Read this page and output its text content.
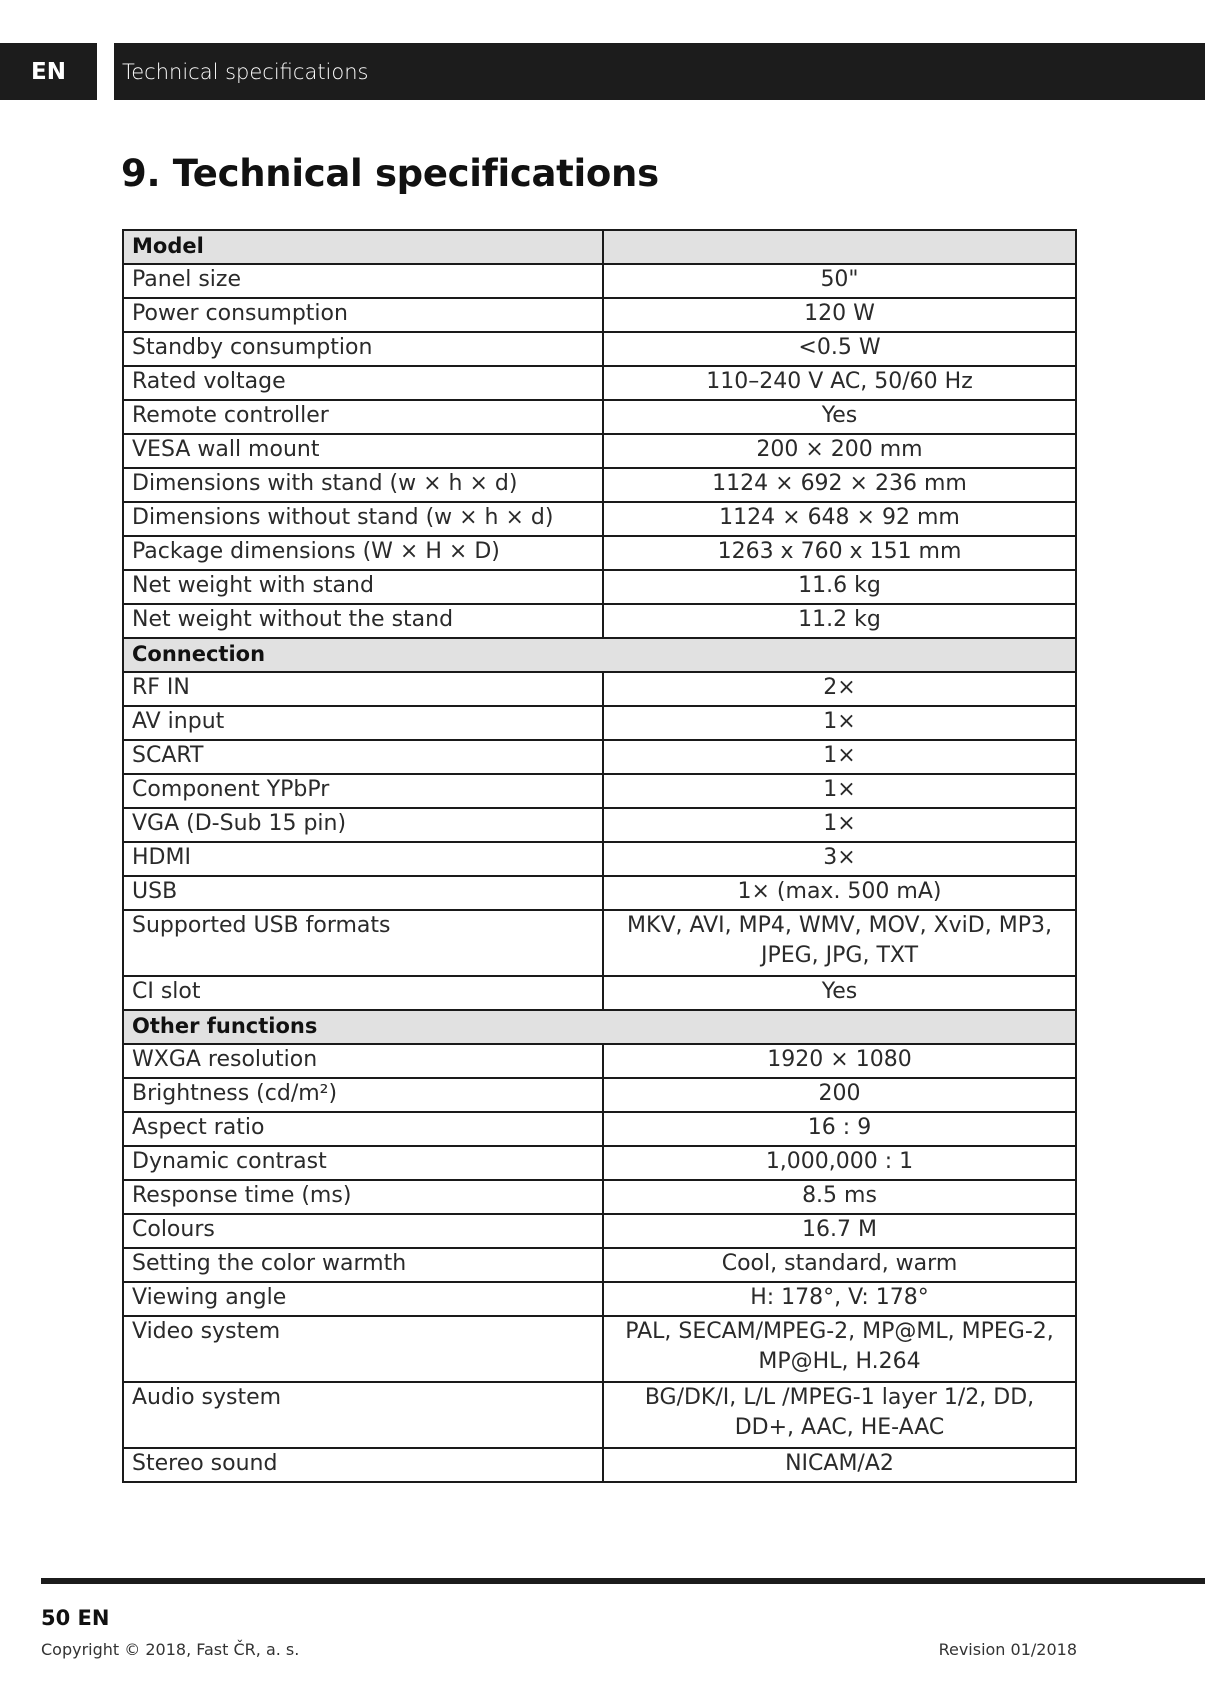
EN	Technical specifications
9. Technical specifications
Model	
Panel size	50"
Power consumption	120 W
Standby consumption	<0.5 W
Rated voltage	110–240 V AC, 50/60 Hz
Remote controller	Yes
VESA wall mount	200 × 200 mm
Dimensions with stand (w × h × d)	1124 × 692 × 236 mm
Dimensions without stand (w × h × d)	1124 × 648 × 92 mm
Package dimensions (W × H × D)	1263 x 760 x 151 mm
Net weight with stand	11.6 kg
Net weight without the stand	11.2 kg
Connection	
RF IN	2×
AV input	1×
SCART	1×
Component YPbPr	1×
VGA (D-Sub 15 pin)	1×
HDMI	3×
USB	1× (max. 500 mA)
Supported USB formats	MKV, AVI, MP4, WMV, MOV, XviD, MP3, JPEG, JPG, TXT
CI slot	Yes
Other functions	
WXGA resolution	1920 × 1080
Brightness (cd/m²)	200
Aspect ratio	16 : 9
Dynamic contrast	1,000,000 : 1
Response time (ms)	8.5 ms
Colours	16.7 M
Setting the color warmth	Cool, standard, warm
Viewing angle	H: 178°, V: 178°
Video system	PAL, SECAM/MPEG-2, MP@ML, MPEG-2, MP@HL, H.264
Audio system	BG/DK/I, L/L /MPEG-1 layer 1/2, DD, DD+, AAC, HE-AAC
Stereo sound	NICAM/A2
50 EN
Copyright © 2018, Fast ČR, a. s.	Revision 01/2018
